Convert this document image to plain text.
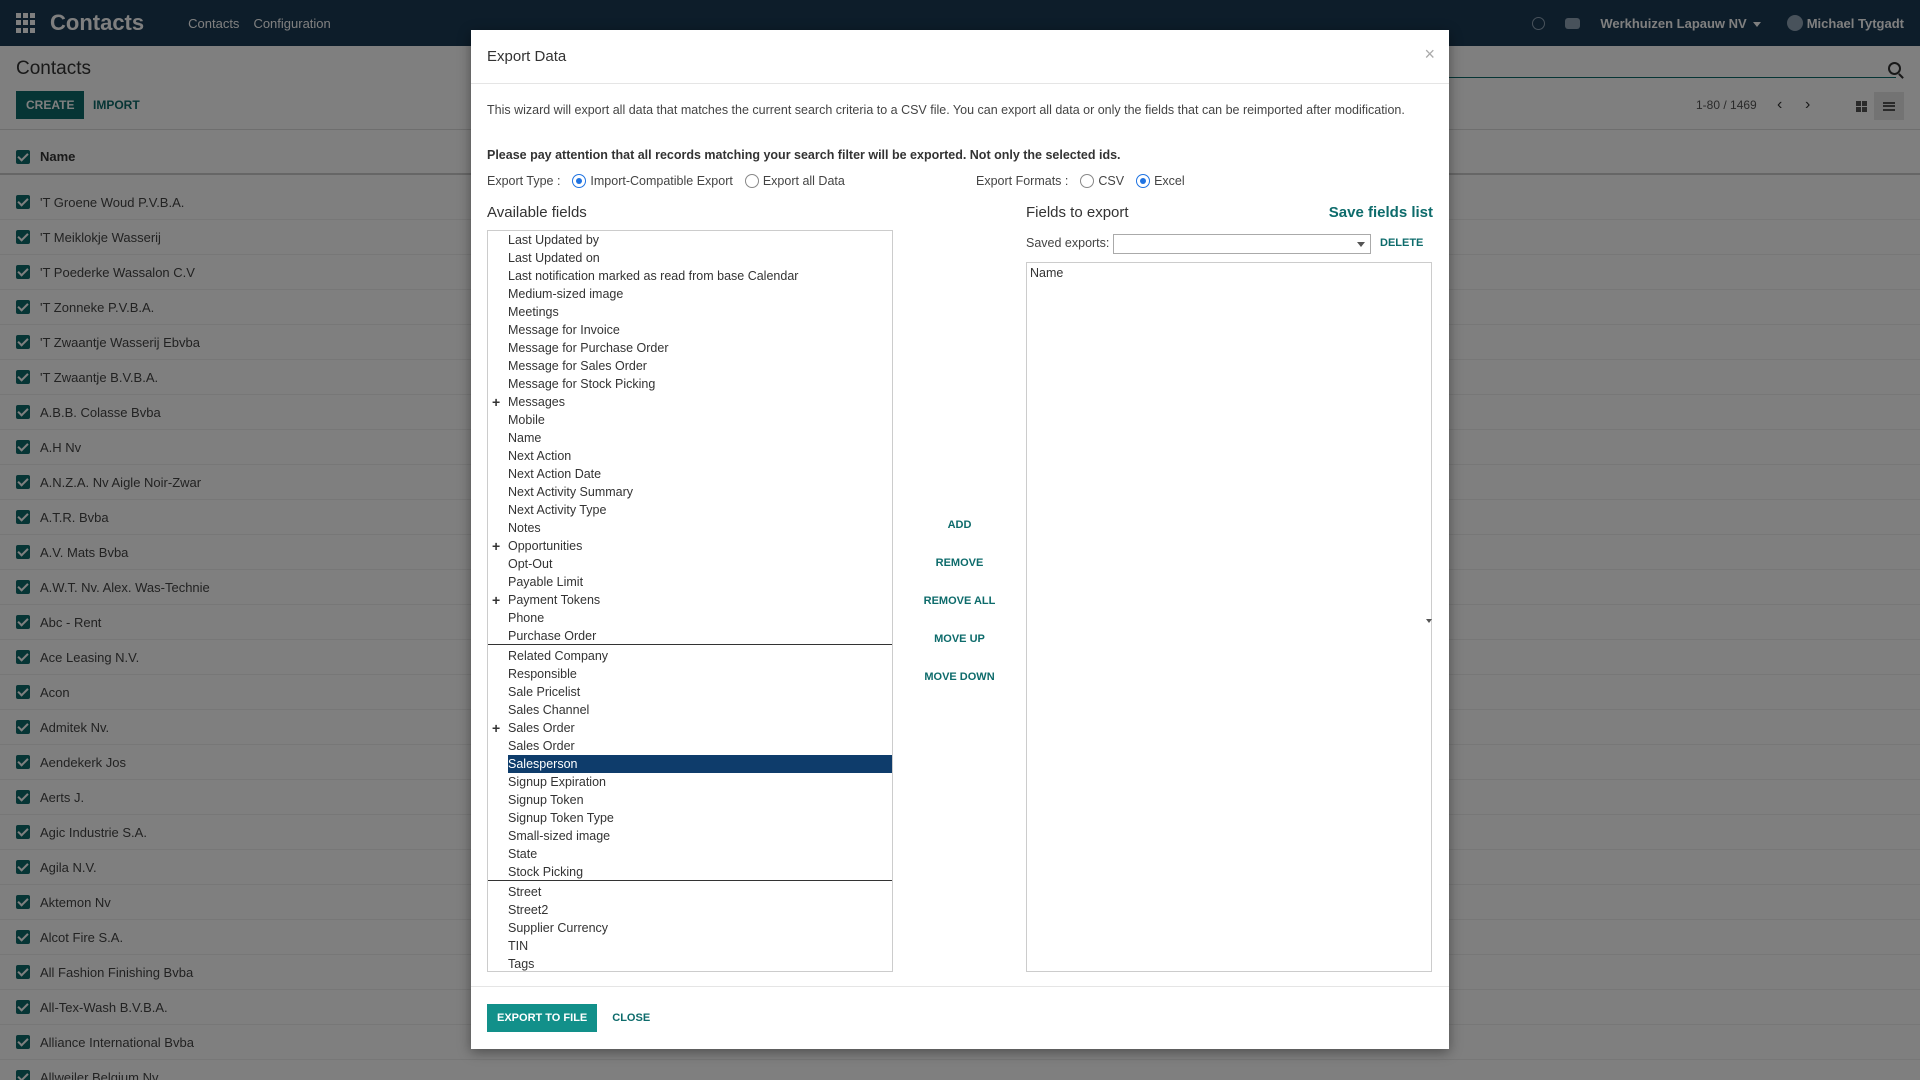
Export Data	×
This wizard will export all data that matches the current search criteria to a CSV file. You can export all data or only the fields that can be reimported after modification.
Please pay attention that all records matching your search filter will be exported. Not only the selected ids.
Export Type : Import-Compatible Export Export all Data	Export Formats : CSV Excel
Available fields	Fields to export	Save fields list
Saved exports:	DELETE
Last Updated by
Last Updated on
Last notification marked as read from base Calendar
Medium-sized image
Meetings
Message for Invoice
Message for Purchase Order
Message for Sales Order
Message for Stock Picking
+ Messages
Mobile
Name
Next Action
Next Action Date
Next Activity Summary
Next Activity Type
Notes
+ Opportunities
Opt-Out
Payable Limit
+ Payment Tokens
Phone
Purchase Order
Related Company
Responsible
Sale Pricelist
Sales Channel
+ Sales Order
Sales Order
Salesperson
Signup Expiration
Signup Token
Signup Token Type
Small-sized image
State
Stock Picking
Street
Street2
Supplier Currency
TIN
Tags
ADD
REMOVE
REMOVE ALL
MOVE UP
MOVE DOWN
Name
EXPORT TO FILE	CLOSE
